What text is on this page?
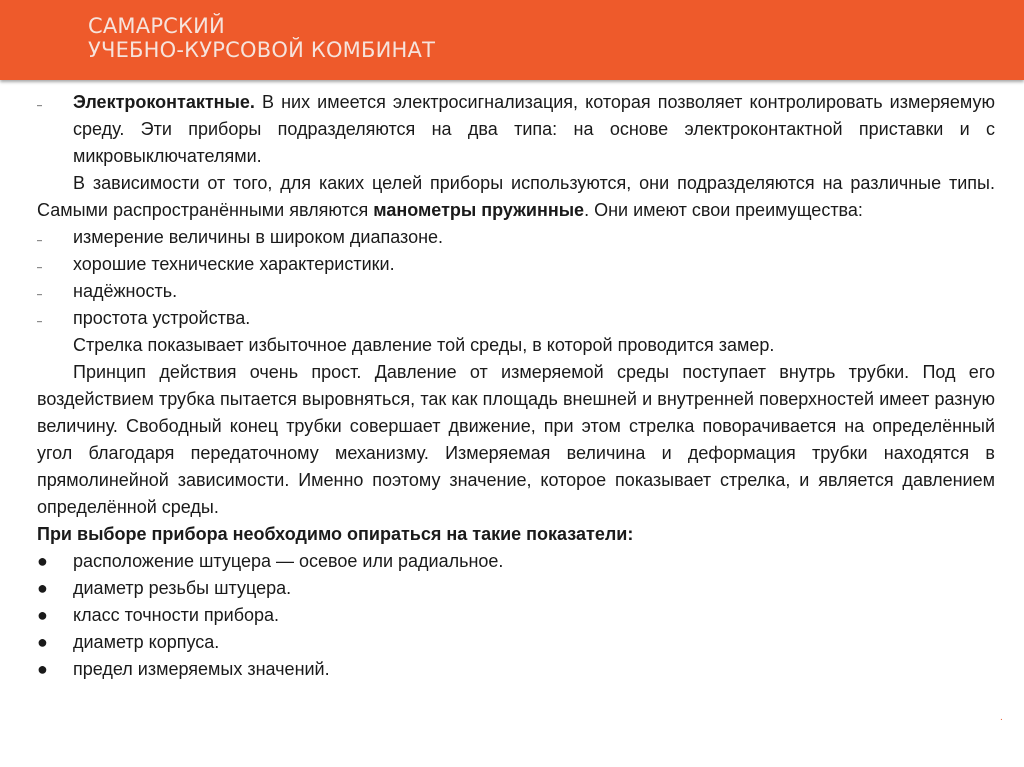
САМАРСКИЙ
УЧЕБНО-КУРСОВОЙ КОМБИНАТ

–	Электроконтактные. В них имеется электросигнализация, которая позволяет контролировать измеряемую среду. Эти приборы подразделяются на два типа: на основе электроконтактной приставки и с микровыключателями.

В зависимости от того, для каких целей приборы используются, они подразделяются на различные типы. Самыми распространёнными являются манометры пружинные. Они имеют свои преимущества:

–	измерение величины в широком диапазоне.

–	хорошие технические характеристики.

–	надёжность.

–	простота устройства.

Стрелка показывает избыточное давление той среды, в которой проводится замер.

Принцип действия очень прост. Давление от измеряемой среды поступает внутрь трубки. Под его воздействием трубка пытается выровняться, так как площадь внешней и внутренней поверхностей имеет разную величину. Свободный конец трубки совершает движение, при этом стрелка поворачивается на определённый угол благодаря передаточному механизму. Измеряемая величина и деформация трубки находятся в прямолинейной зависимости. Именно поэтому значение, которое показывает стрелка, и является давлением определённой среды.

При выборе прибора необходимо опираться на такие показатели:

● расположение штуцера — осевое или радиальное.

● диаметр резьбы штуцера.

● класс точности прибора.

● диаметр корпуса.

● предел измеряемых значений.

.
